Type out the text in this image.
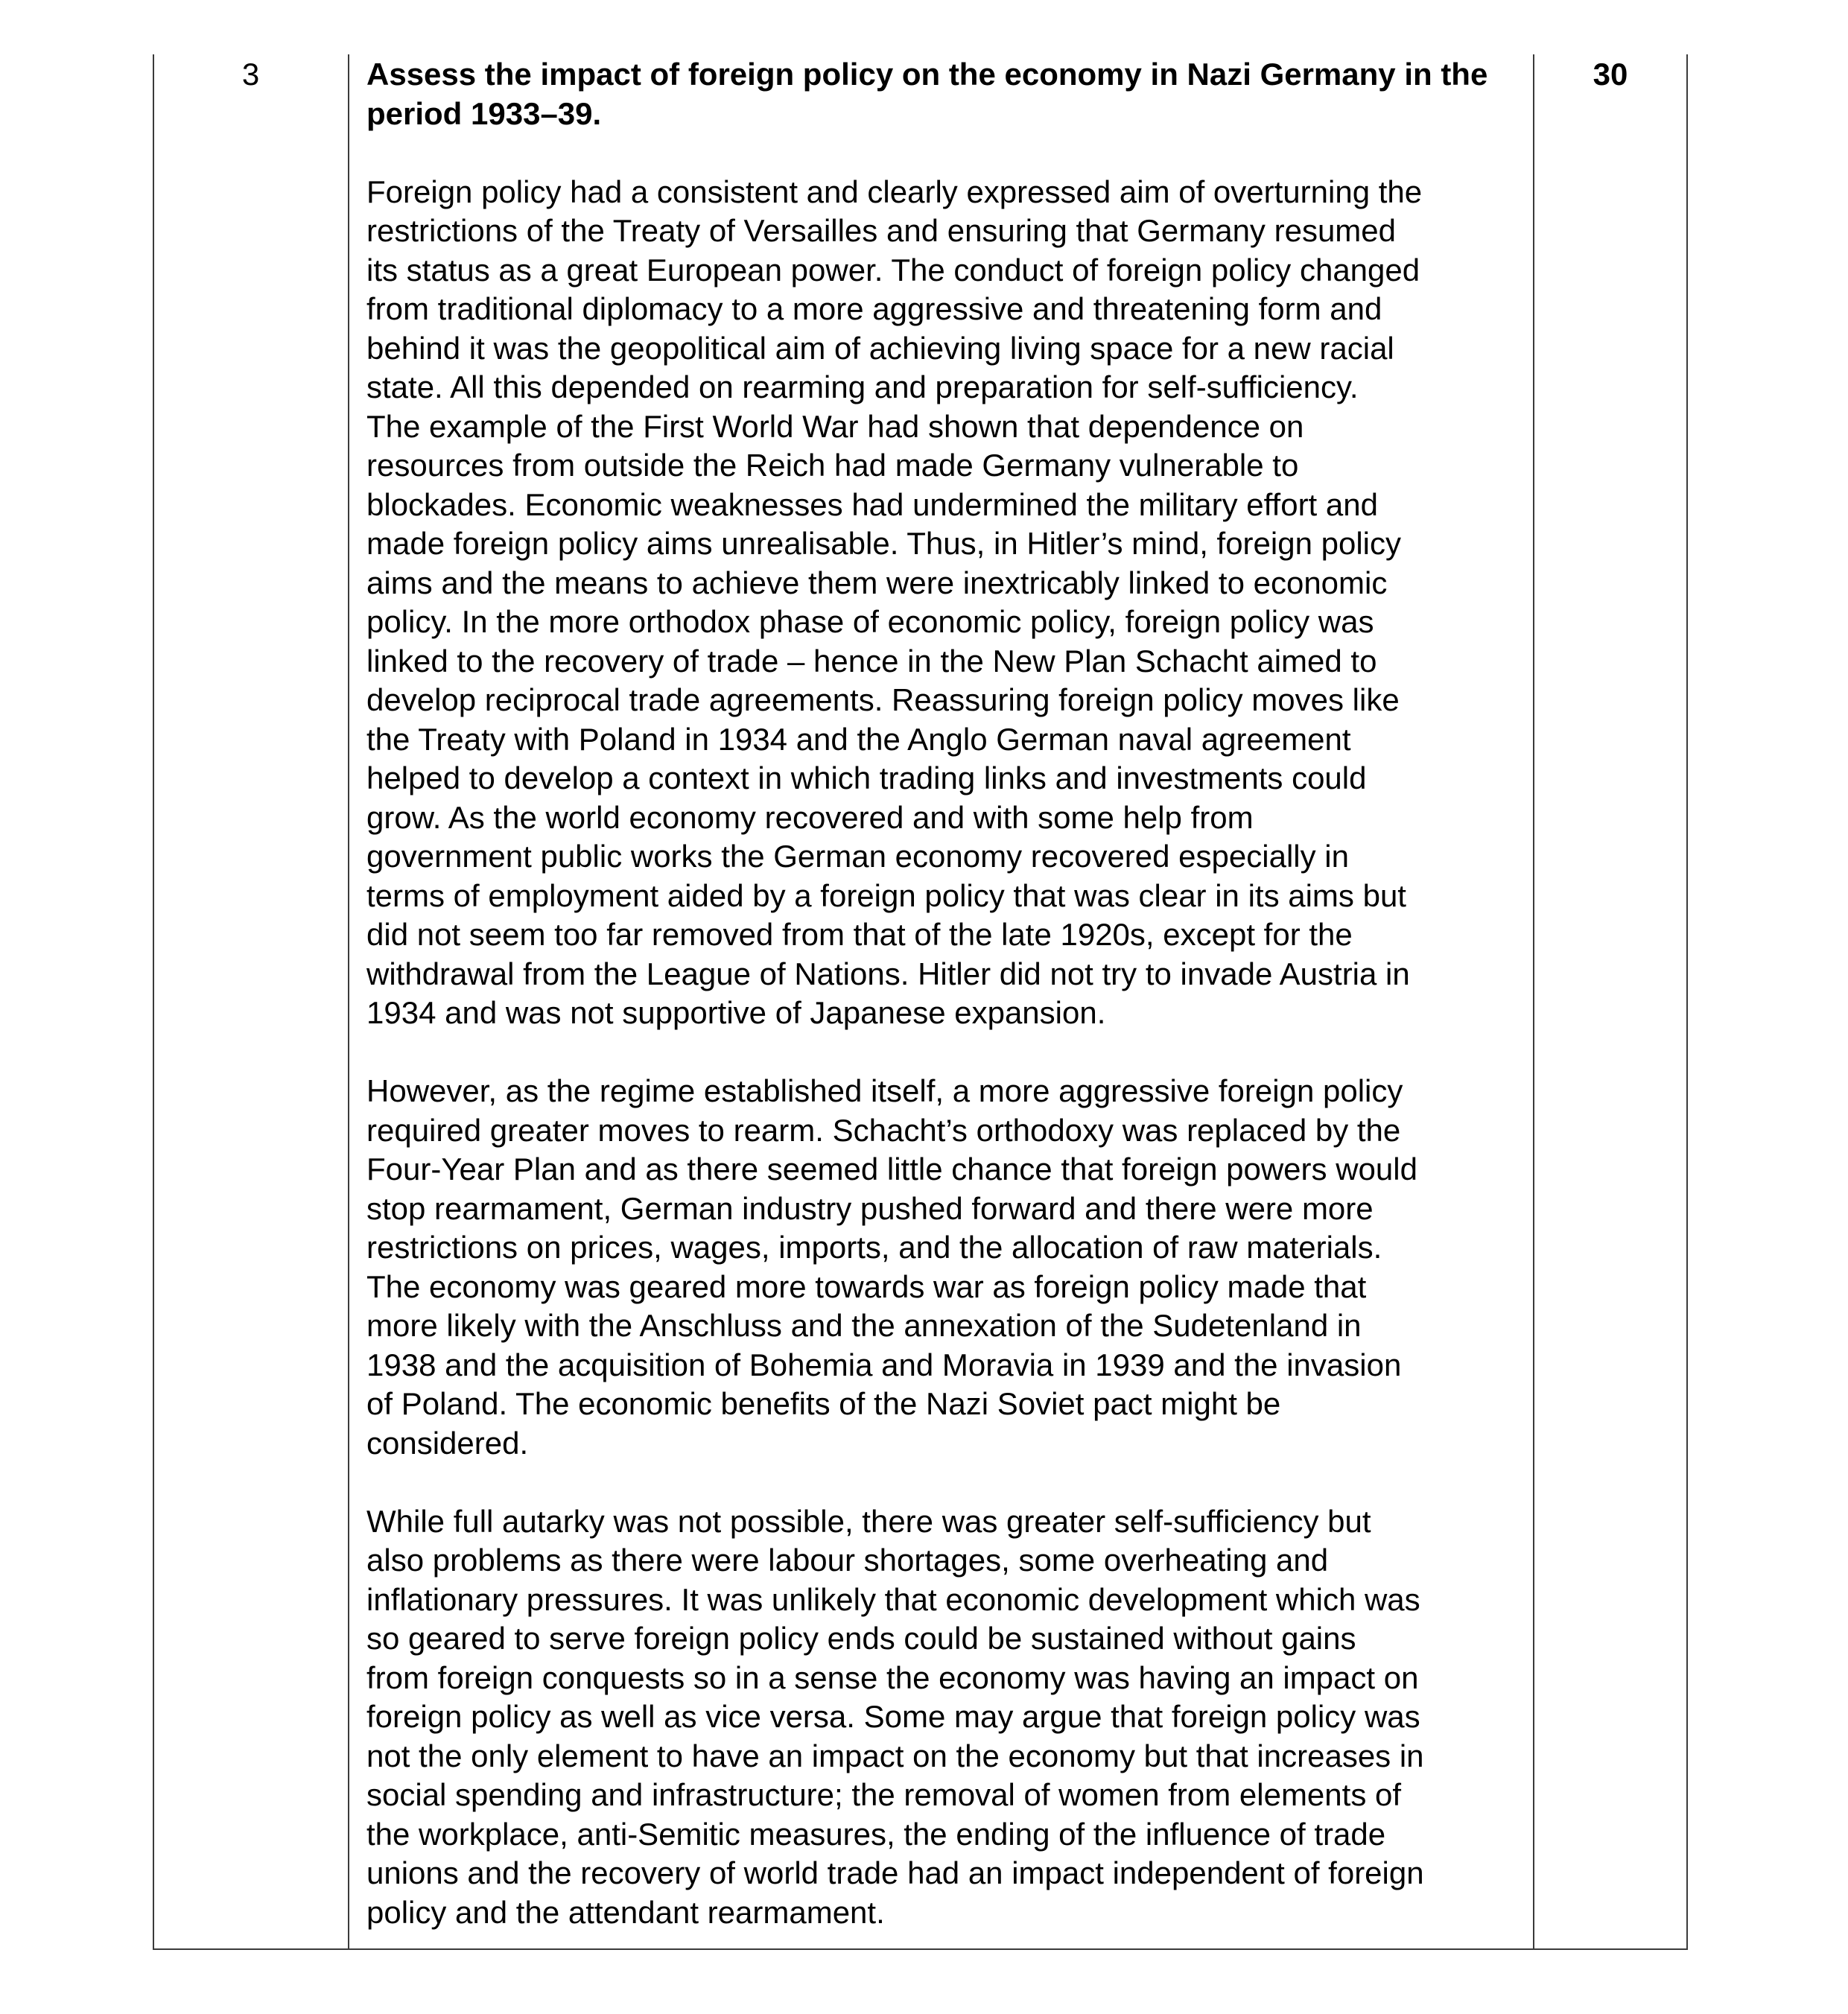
3	30
Assess the impact of foreign policy on the economy in Nazi Germany in the period 1933–39.
Foreign policy had a consistent and clearly expressed aim of overturning the
restrictions of the Treaty of Versailles and ensuring that Germany resumed
its status as a great European power. The conduct of foreign policy changed
from traditional diplomacy to a more aggressive and threatening form and
behind it was the geopolitical aim of achieving living space for a new racial
state. All this depended on rearming and preparation for self-sufficiency.
The example of the First World War had shown that dependence on
resources from outside the Reich had made Germany vulnerable to
blockades. Economic weaknesses had undermined the military effort and
made foreign policy aims unrealisable. Thus, in Hitler’s mind, foreign policy
aims and the means to achieve them were inextricably linked to economic
policy. In the more orthodox phase of economic policy, foreign policy was
linked to the recovery of trade – hence in the New Plan Schacht aimed to
develop reciprocal trade agreements. Reassuring foreign policy moves like
the Treaty with Poland in 1934 and the Anglo German naval agreement
helped to develop a context in which trading links and investments could
grow. As the world economy recovered and with some help from
government public works the German economy recovered especially in
terms of employment aided by a foreign policy that was clear in its aims but
did not seem too far removed from that of the late 1920s, except for the
withdrawal from the League of Nations. Hitler did not try to invade Austria in
1934 and was not supportive of Japanese expansion.
However, as the regime established itself, a more aggressive foreign policy
required greater moves to rearm. Schacht’s orthodoxy was replaced by the
Four-Year Plan and as there seemed little chance that foreign powers would
stop rearmament, German industry pushed forward and there were more
restrictions on prices, wages, imports, and the allocation of raw materials.
The economy was geared more towards war as foreign policy made that
more likely with the Anschluss and the annexation of the Sudetenland in
1938 and the acquisition of Bohemia and Moravia in 1939 and the invasion
of Poland. The economic benefits of the Nazi Soviet pact might be
considered.
While full autarky was not possible, there was greater self-sufficiency but
also problems as there were labour shortages, some overheating and
inflationary pressures. It was unlikely that economic development which was
so geared to serve foreign policy ends could be sustained without gains
from foreign conquests so in a sense the economy was having an impact on
foreign policy as well as vice versa. Some may argue that foreign policy was
not the only element to have an impact on the economy but that increases in
social spending and infrastructure; the removal of women from elements of
the workplace, anti-Semitic measures, the ending of the influence of trade
unions and the recovery of world trade had an impact independent of foreign
policy and the attendant rearmament.
